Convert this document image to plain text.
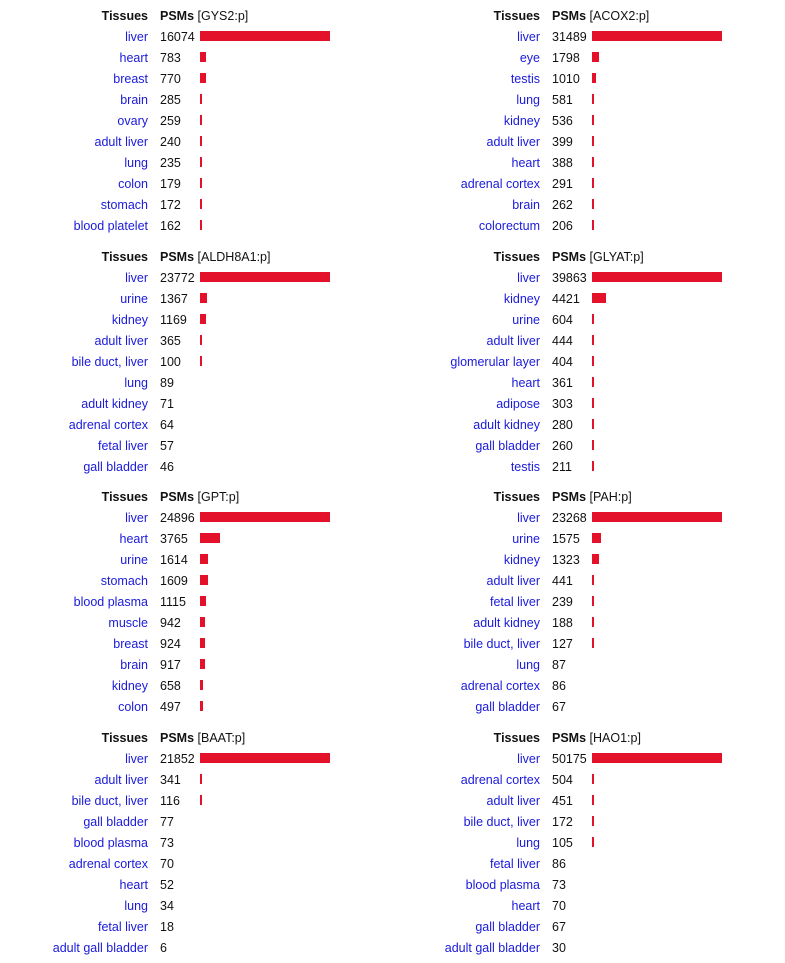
Tissues PSMs [GYS2:p]
liver 16074
heart 783
breast 770
brain 285
ovary 259
adult liver 240
lung 235
colon 179
stomach 172
blood platelet 162
Tissues PSMs [ACOX2:p]
liver 31489
eye 1798
testis 1010
lung 581
kidney 536
adult liver 399
heart 388
adrenal cortex 291
brain 262
colorectum 206
Tissues PSMs [ALDH8A1:p]
liver 23772
urine 1367
kidney 1169
adult liver 365
bile duct, liver 100
lung 89
adult kidney 71
adrenal cortex 64
fetal liver 57
gall bladder 46
Tissues PSMs [GLYAT:p]
liver 39863
kidney 4421
urine 604
adult liver 444
glomerular layer 404
heart 361
adipose 303
adult kidney 280
gall bladder 260
testis 211
Tissues PSMs [GPT:p]
liver 24896
heart 3765
urine 1614
stomach 1609
blood plasma 1115
muscle 942
breast 924
brain 917
kidney 658
colon 497
Tissues PSMs [PAH:p]
liver 23268
urine 1575
kidney 1323
adult liver 441
fetal liver 239
adult kidney 188
bile duct, liver 127
lung 87
adrenal cortex 86
gall bladder 67
Tissues PSMs [BAAT:p]
liver 21852
adult liver 341
bile duct, liver 116
gall bladder 77
blood plasma 73
adrenal cortex 70
heart 52
lung 34
fetal liver 18
adult gall bladder 6
Tissues PSMs [HAO1:p]
liver 50175
adrenal cortex 504
adult liver 451
bile duct, liver 172
lung 105
fetal liver 86
blood plasma 73
heart 70
gall bladder 67
adult gall bladder 30
